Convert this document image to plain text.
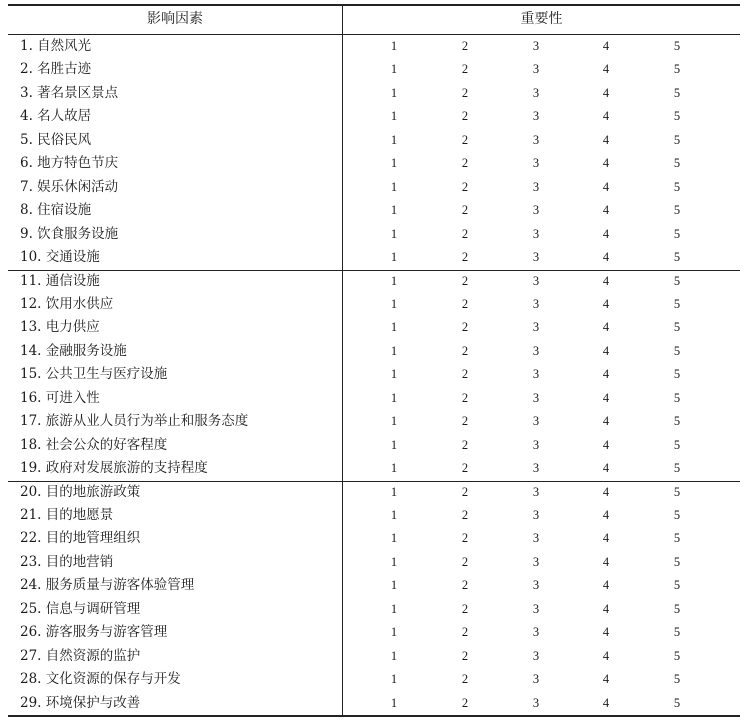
影响因素	重要性
1. 自然风光	1	2	3	4	5
2. 名胜古迹	1	2	3	4	5
3. 著名景区景点	1	2	3	4	5
4. 名人故居	1	2	3	4	5
5. 民俗民风	1	2	3	4	5
6. 地方特色节庆	1	2	3	4	5
7. 娱乐休闲活动	1	2	3	4	5
8. 住宿设施	1	2	3	4	5
9. 饮食服务设施	1	2	3	4	5
10. 交通设施	1	2	3	4	5
11. 通信设施	1	2	3	4	5
12. 饮用水供应	1	2	3	4	5
13. 电力供应	1	2	3	4	5
14. 金融服务设施	1	2	3	4	5
15. 公共卫生与医疗设施	1	2	3	4	5
16. 可进入性	1	2	3	4	5
17. 旅游从业人员行为举止和服务态度	1	2	3	4	5
18. 社会公众的好客程度	1	2	3	4	5
19. 政府对发展旅游的支持程度	1	2	3	4	5
20. 目的地旅游政策	1	2	3	4	5
21. 目的地愿景	1	2	3	4	5
22. 目的地管理组织	1	2	3	4	5
23. 目的地营销	1	2	3	4	5
24. 服务质量与游客体验管理	1	2	3	4	5
25. 信息与调研管理	1	2	3	4	5
26. 游客服务与游客管理	1	2	3	4	5
27. 自然资源的监护	1	2	3	4	5
28. 文化资源的保存与开发	1	2	3	4	5
29. 环境保护与改善	1	2	3	4	5
